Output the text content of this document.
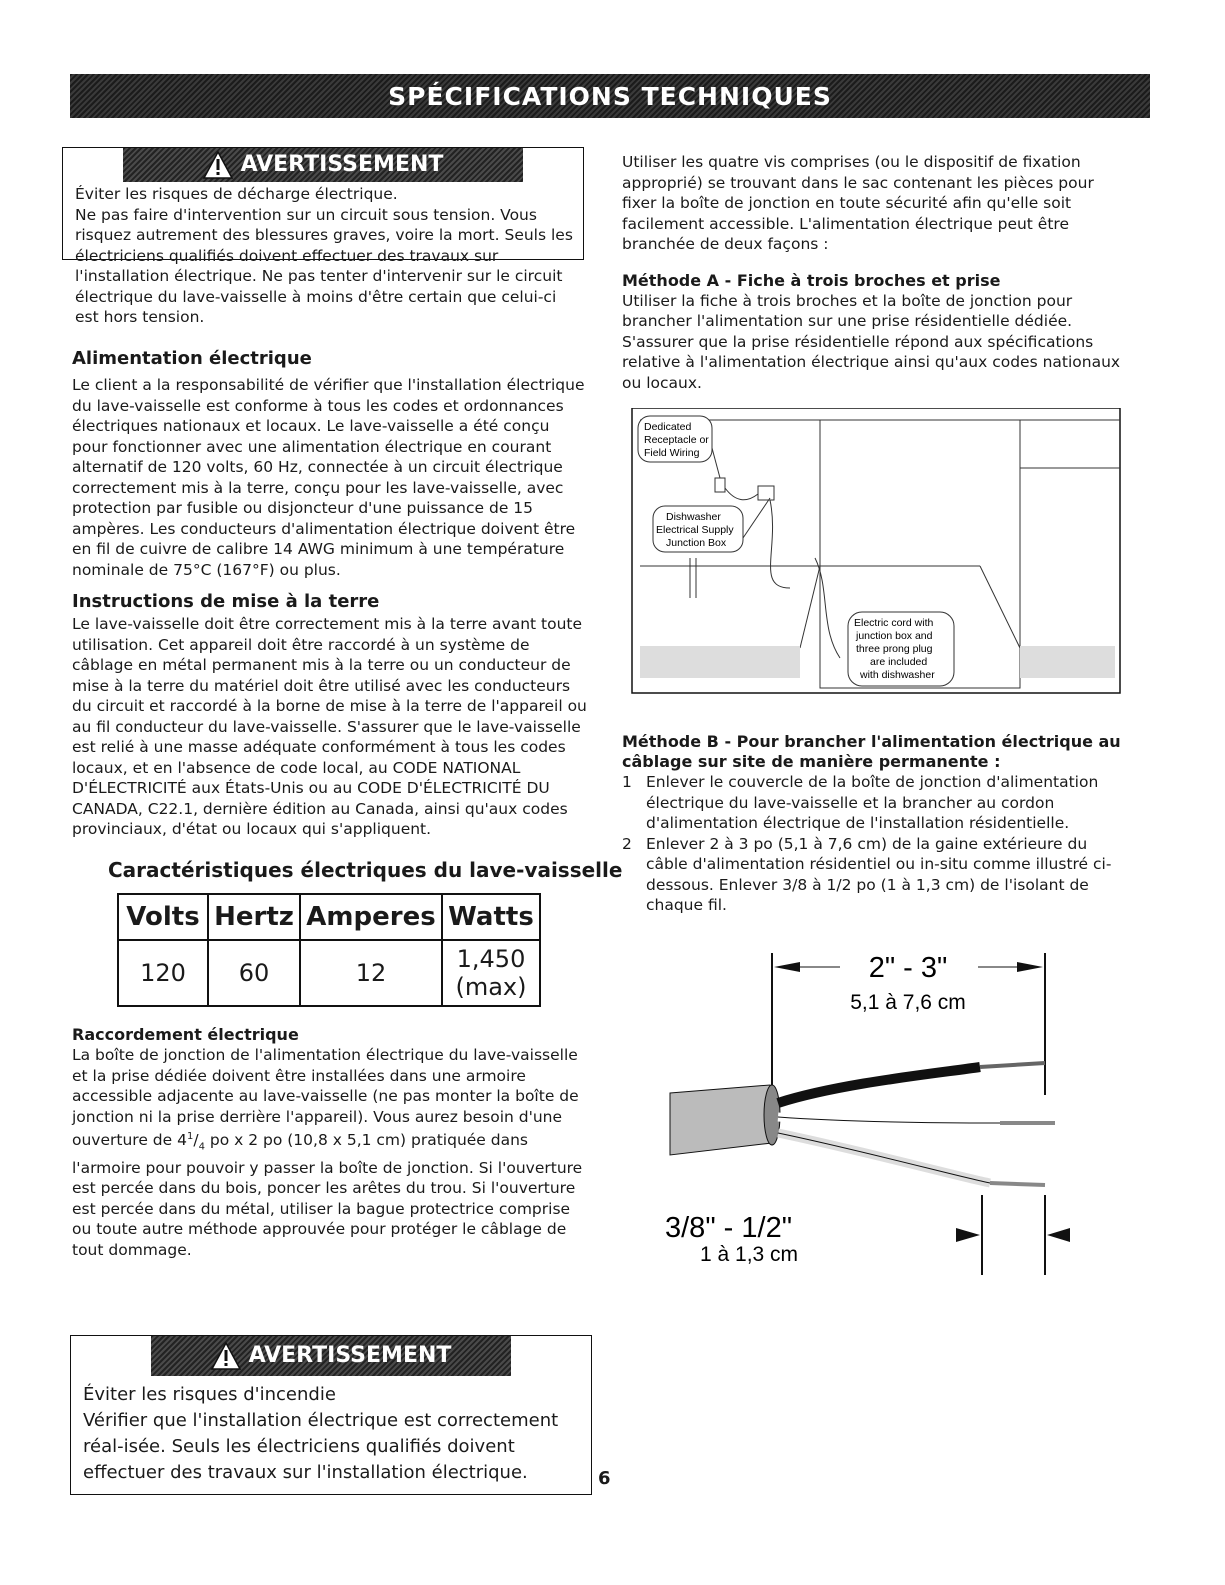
SPÉCIFICATIONS TECHNIQUES
AVERTISSEMENT

Éviter les risques de décharge électrique.

Ne pas faire d'intervention sur un circuit sous tension. Vous risquez autrement des blessures graves, voire la mort. Seuls les électriciens qualifiés doivent effectuer des travaux sur l'installation électrique. Ne pas tenter d'intervenir sur le circuit électrique du lave-vaisselle à moins d'être certain que celui-ci est hors tension.

Alimentation électrique

Le client a la responsabilité de vérifier que l'installation électrique du lave-vaisselle est conforme à tous les codes et ordonnances électriques nationaux et locaux. Le lave-vaisselle a été conçu pour fonctionner avec une alimentation électrique en courant alternatif de 120 volts, 60 Hz, connectée à un circuit électrique correctement mis à la terre, conçu pour les lave-vaisselle, avec protection par fusible ou disjoncteur d'une puissance de 15 ampères. Les conducteurs d'alimentation électrique doivent être en fil de cuivre de calibre 14 AWG minimum à une température nominale de 75°C (167°F) ou plus.

Instructions de mise à la terre

Le lave-vaisselle doit être correctement mis à la terre avant toute utilisation. Cet appareil doit être raccordé à un système de câblage en métal permanent mis à la terre ou un conducteur de mise à la terre du matériel doit être utilisé avec les conducteurs du circuit et raccordé à la borne de mise à la terre de l'appareil ou au fil conducteur du lave-vaisselle. S'assurer que le lave-vaisselle est relié à une masse adéquate conformément à tous les codes locaux, et en l'absence de code local, au CODE NATIONAL D'ÉLECTRICITÉ aux États-Unis ou au CODE D'ÉLECTRICITÉ DU CANADA, C22.1, dernière édition au Canada, ainsi qu'aux codes provinciaux, d'état ou locaux qui s'appliquent.

Caractéristiques électriques du lave-vaisselle
Volts	Hertz	Amperes	Watts
120	60	12	1,450
(max)
Raccordement électrique

La boîte de jonction de l'alimentation électrique du lave-vaisselle et la prise dédiée doivent être installées dans une armoire accessible adjacente au lave-vaisselle (ne pas monter la boîte de jonction ni la prise derrière l'appareil). Vous aurez besoin d'une ouverture de $4^1/_4$ po x 2 po (10,8 x 5,1 cm) pratiquée dans l'armoire pour pouvoir y passer la boîte de jonction. Si l'ouverture est percée dans du bois, poncer les arêtes du trou. Si l'ouverture est percée dans du métal, utiliser la bague protectrice comprise ou toute autre méthode approuvée pour protéger le câblage de tout dommage.

AVERTISSEMENT

Éviter les risques d'incendie

Vérifier que l'installation électrique est correctement réal-isée. Seuls les électriciens qualifiés doivent effectuer des travaux sur l'installation électrique.	6

Utiliser les quatre vis comprises (ou le dispositif de fixation approprié) se trouvant dans le sac contenant les pièces pour fixer la boîte de jonction en toute sécurité afin qu'elle soit facilement accessible. L'alimentation électrique peut être branchée de deux façons :

Méthode A - Fiche à trois broches et prise

Utiliser la fiche à trois broches et la boîte de jonction pour brancher l'alimentation sur une prise résidentielle dédiée. S'assurer que la prise résidentielle répond aux spécifications relative à l'alimentation électrique ainsi qu'aux codes nationaux ou locaux.

Dedicated
Receptacle or
Field Wiring
Dishwasher
Electrical Supply
Junction Box
Electric cord with
junction box and
three prong plug
are included
with dishwasher
Méthode B - Pour brancher l'alimentation électrique au câblage sur site de manière permanente :
1 Enlever le couvercle de la boîte de jonction d'alimentation électrique du lave-vaisselle et la brancher au cordon d'alimentation électrique de l'installation résidentielle.
2 Enlever 2 à 3 po (5,1 à 7,6 cm) de la gaine extérieure du câble d'alimentation résidentiel ou in-situ comme illustré ci-dessous. Enlever 3/8 à 1/2 po (1 à 1,3 cm) de l'isolant de chaque fil.
2" - 3"
5,1 à 7,6 cm
3/8" - 1/2"
1 à 1,3 cm
